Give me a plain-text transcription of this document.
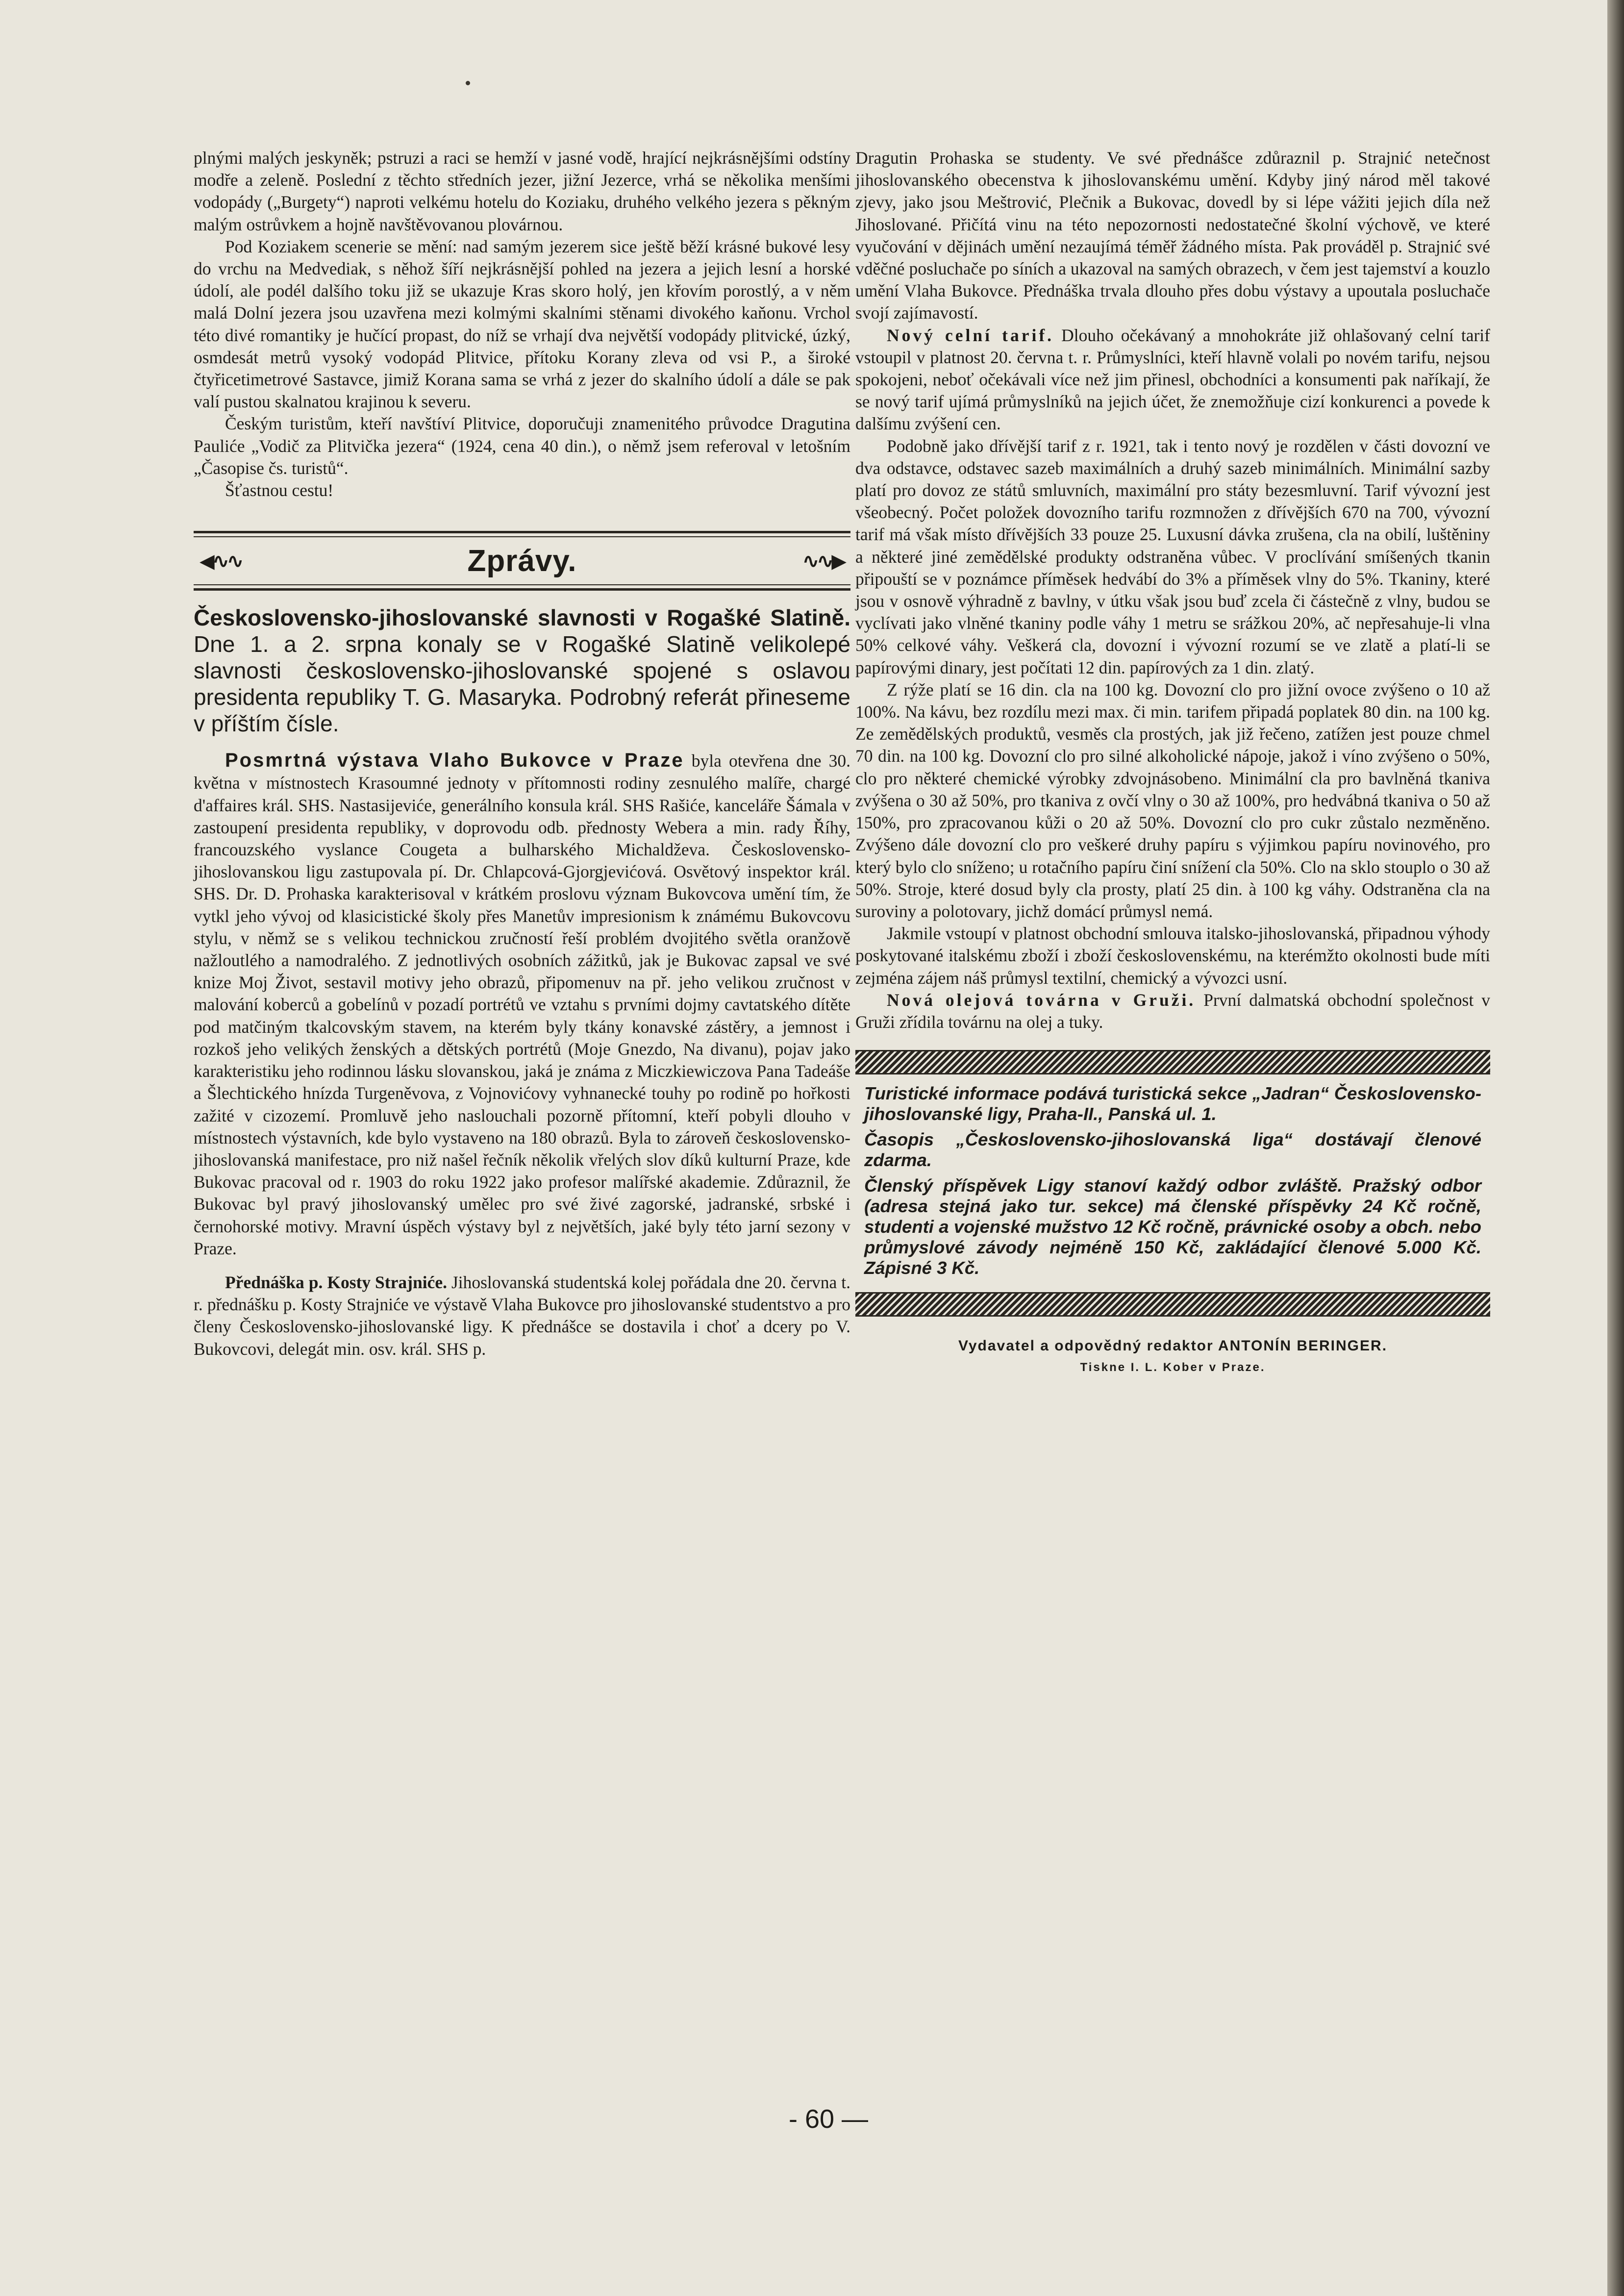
plnými malých jeskyněk; pstruzi a raci se hemží v jasné vodě, hrající nejkrásnějšími odstíny modře a zeleně. Poslední z těchto středních jezer, jižní Jezerce, vrhá se několika menšími vodopády („Burgety“) naproti velkému hotelu do Koziaku, druhého velkého jezera s pěkným malým ostrůvkem a hojně navštěvovanou plovárnou.

Pod Koziakem scenerie se mění: nad samým jezerem sice ještě běží krásné bukové lesy do vrchu na Medvediak, s něhož šíří nejkrásnější pohled na jezera a jejich lesní a horské údolí, ale podél dalšího toku již se ukazuje Kras skoro holý, jen křovím porostlý, a v něm malá Dolní jezera jsou uzavřena mezi kolmými skalními stěnami divokého kaňonu. Vrchol této divé romantiky je hučící propast, do níž se vrhají dva největší vodopády plitvické, úzký, osmdesát metrů vysoký vodopád Plitvice, přítoku Korany zleva od vsi P., a široké čtyřicetimetrové Sastavce, jimiž Korana sama se vrhá z jezer do skalního údolí a dále se pak valí pustou skalnatou krajinou k severu.

Českým turistům, kteří navštíví Plitvice, doporučuji znamenitého průvodce Dragutina Pauliće „Vodič za Plitvička jezera“ (1924, cena 40 din.), o němž jsem referoval v letošním „Časopise čs. turistů“.

Šťastnou cestu!

◀∿∿	Zprávy.	∿∿▶
Československo-jihoslovanské slavnosti v Rogašké Slatině. Dne 1. a 2. srpna konaly se v Rogašké Slatině velikolepé slavnosti československo-jihoslovanské spojené s oslavou presidenta republiky T. G. Masaryka. Podrobný referát přineseme v příštím čísle.

Posmrtná výstava Vlaho Bukovce v Praze byla otevřena dne 30. května v místnostech Krasoumné jednoty v přítomnosti rodiny zesnulého malíře, chargé d'affaires král. SHS. Nastasijeviće, generálního konsula král. SHS Rašiće, kanceláře Šámala v zastoupení presidenta republiky, v doprovodu odb. přednosty Webera a min. rady Říhy, francouzského vyslance Cougeta a bulharského Michaldževa. Československo-jihoslovanskou ligu zastupovala pí. Dr. Chlapcová-Gjorgjevićová. Osvětový inspektor král. SHS. Dr. D. Prohaska karakterisoval v krátkém proslovu význam Bukovcova umění tím, že vytkl jeho vývoj od klasicistické školy přes Manetův impresionism k známému Bukovcovu stylu, v němž se s velikou technickou zručností řeší problém dvojitého světla oranžově nažloutlého a namodralého. Z jednotlivých osobních zážitků, jak je Bukovac zapsal ve své knize Moj Život, sestavil motivy jeho obrazů, připomenuv na př. jeho velikou zručnost v malování koberců a gobelínů v pozadí portrétů ve vztahu s prvními dojmy cavtatského dítěte pod matčiným tkalcovským stavem, na kterém byly tkány konavské zástěry, a jemnost i rozkoš jeho velikých ženských a dětských portrétů (Moje Gnezdo, Na divanu), pojav jako karakteristiku jeho rodinnou lásku slovanskou, jaká je známa z Miczkiewiczova Pana Tadeáše a Šlechtického hnízda Turgeněvova, z Vojnovićovy vyhnanecké touhy po rodině po hořkosti zažité v cizozemí. Promluvě jeho naslouchali pozorně přítomní, kteří pobyli dlouho v místnostech výstavních, kde bylo vystaveno na 180 obrazů. Byla to zároveň československo-jihoslovanská manifestace, pro niž našel řečník několik vřelých slov díků kulturní Praze, kde Bukovac pracoval od r. 1903 do roku 1922 jako profesor malířské akademie. Zdůraznil, že Bukovac byl pravý jihoslovanský umělec pro své živé zagorské, jadranské, srbské i černohorské motivy. Mravní úspěch výstavy byl z největších, jaké byly této jarní sezony v Praze.

Přednáška p. Kosty Strajniće. Jihoslovanská studentská kolej pořádala dne 20. června t. r. přednášku p. Kosty Strajniće ve výstavě Vlaha Bukovce pro jihoslovanské studentstvo a pro členy Československo-jihoslovanské ligy. K přednášce se dostavila i choť a dcery po V. Bukovcovi, delegát min. osv. král. SHS p.

Dragutin Prohaska se studenty. Ve své přednášce zdůraznil p. Strajnić netečnost jihoslovanského obecenstva k jihoslovanskému umění. Kdyby jiný národ měl takové zjevy, jako jsou Meštrović, Plečnik a Bukovac, dovedl by si lépe vážiti jejich díla než Jihoslované. Přičítá vinu na této nepozornosti nedostatečné školní výchově, ve které vyučování v dějinách umění nezaujímá téměř žádného místa. Pak prováděl p. Strajnić své vděčné posluchače po síních a ukazoval na samých obrazech, v čem jest tajemství a kouzlo umění Vlaha Bukovce. Přednáška trvala dlouho přes dobu výstavy a upoutala posluchače svojí zajímavostí.

Nový celní tarif. Dlouho očekávaný a mnohokráte již ohlašovaný celní tarif vstoupil v platnost 20. června t. r. Průmyslníci, kteří hlavně volali po novém tarifu, nejsou spokojeni, neboť očekávali více než jim přinesl, obchodníci a konsumenti pak naříkají, že se nový tarif ujímá průmyslníků na jejich účet, že znemožňuje cizí konkurenci a povede k dalšímu zvýšení cen.

Podobně jako dřívější tarif z r. 1921, tak i tento nový je rozdělen v části dovozní ve dva odstavce, odstavec sazeb maximálních a druhý sazeb minimálních. Minimální sazby platí pro dovoz ze států smluvních, maximální pro státy bezesmluvní. Tarif vývozní jest všeobecný. Počet položek dovozního tarifu rozmnožen z dřívějších 670 na 700, vývozní tarif má však místo dřívějších 33 pouze 25. Luxusní dávka zrušena, cla na obilí, luštěniny a některé jiné zemědělské produkty odstraněna vůbec. V proclívání smíšených tkanin připouští se v poznámce příměsek hedvábí do 3% a příměsek vlny do 5%. Tkaniny, které jsou v osnově výhradně z bavlny, v útku však jsou buď zcela či částečně z vlny, budou se vyclívati jako vlněné tkaniny podle váhy 1 metru se srážkou 20%, ač nepřesahuje-li vlna 50% celkové váhy. Veškerá cla, dovozní i vývozní rozumí se ve zlatě a platí-li se papírovými dinary, jest počítati 12 din. papírových za 1 din. zlatý.

Z rýže platí se 16 din. cla na 100 kg. Dovozní clo pro jižní ovoce zvýšeno o 10 až 100%. Na kávu, bez rozdílu mezi max. či min. tarifem připadá poplatek 80 din. na 100 kg. Ze zemědělských produktů, vesměs cla prostých, jak již řečeno, zatížen jest pouze chmel 70 din. na 100 kg. Dovozní clo pro silné alkoholické nápoje, jakož i víno zvýšeno o 50%, clo pro některé chemické výrobky zdvojnásobeno. Minimální cla pro bavlněná tkaniva zvýšena o 30 až 50%, pro tkaniva z ovčí vlny o 30 až 100%, pro hedvábná tkaniva o 50 až 150%, pro zpracovanou kůži o 20 až 50%. Dovozní clo pro cukr zůstalo nezměněno. Zvýšeno dále dovozní clo pro veškeré druhy papíru s výjimkou papíru novinového, pro který bylo clo sníženo; u rotačního papíru činí snížení cla 50%. Clo na sklo stouplo o 30 až 50%. Stroje, které dosud byly cla prosty, platí 25 din. à 100 kg váhy. Odstraněna cla na suroviny a polotovary, jichž domácí průmysl nemá.

Jakmile vstoupí v platnost obchodní smlouva italsko-jihoslovanská, připadnou výhody poskytované italskému zboží i zboží československému, na kterémžto okolnosti bude míti zejména zájem náš průmysl textilní, chemický a vývozci usní.

Nová olejová továrna v Gruži. První dalmatská obchodní společnost v Gruži zřídila továrnu na olej a tuky.

Turistické informace podává turistická sekce „Jadran“ Československo-jihoslovanské ligy, Praha-II., Panská ul. 1.

Časopis „Československo-jihoslovanská liga“ dostávají členové zdarma.

Členský příspěvek Ligy stanoví každý odbor zvláště. Pražský odbor (adresa stejná jako tur. sekce) má členské příspěvky 24 Kč ročně, studenti a vojenské mužstvo 12 Kč ročně, právnické osoby a obch. nebo průmyslové závody nejméně 150 Kč, zakládající členové 5.000 Kč. Zápisné 3 Kč.

Vydavatel a odpovědný redaktor ANTONÍN BERINGER.
Tiskne I. L. Kober v Praze.
- 60 —
